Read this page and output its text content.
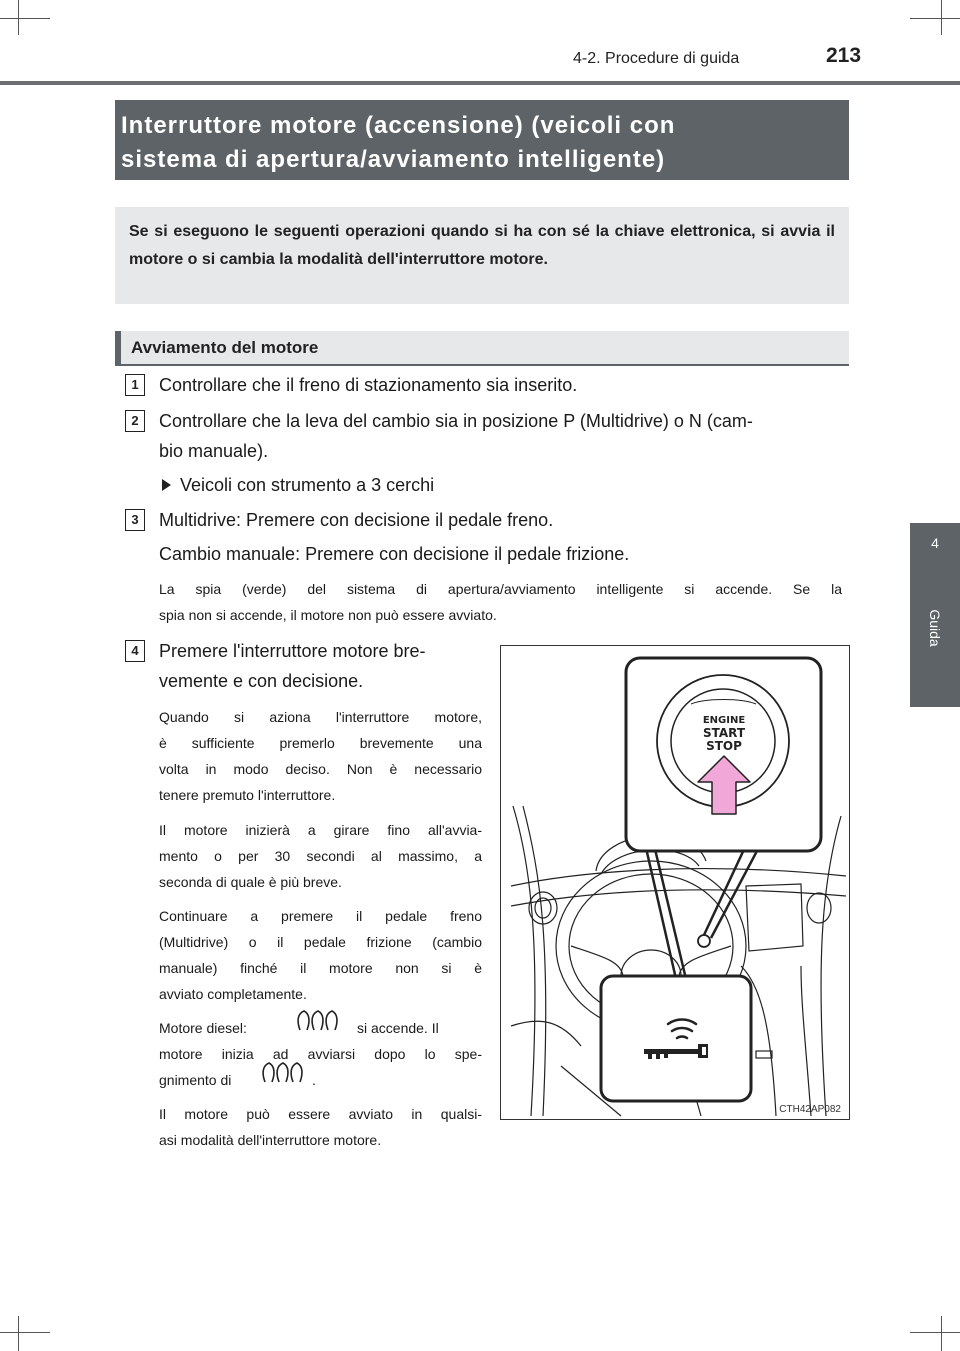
4-2. Procedure di guida	213
4
Guida
Interruttore motore (accensione) (veicoli con
sistema di apertura/avviamento intelligente)
Se si eseguono le seguenti operazioni quando si ha con sé la chiave elettronica, si avvia il motore o si cambia la modalità dell'interruttore motore.
Avviamento del motore
1	Controllare che il freno di stazionamento sia inserito.
2	Controllare che la leva del cambio sia in posizione P (Multidrive) o N (cam-
bio manuale).
Veicoli con strumento a 3 cerchi
3	Multidrive: Premere con decisione il pedale freno.
Cambio manuale: Premere con decisione il pedale frizione.
La spia (verde) del sistema di apertura/avviamento intelligente si accende. Se la
spia non si accende, il motore non può essere avviato.
4	Premere l'interruttore motore bre-
vemente e con decisione.
Quando si aziona l'interruttore motore,
è sufficiente premerlo brevemente una
volta in modo deciso. Non è necessario
tenere premuto l'interruttore.
Il motore inizierà a girare fino all'avvia-
mento o per 30 secondi al massimo, a
seconda di quale è più breve.
Continuare a premere il pedale freno
(Multidrive) o il pedale frizione (cambio
manuale) finché il motore non si è
avviato completamente.
Motore diesel:	si accende. Il
motore inizia ad avviarsi dopo lo spe-
gnimento di	.
Il motore può essere avviato in qualsi-
asi modalità dell'interruttore motore.
ENGINE
START
STOP
CTH42AP082
